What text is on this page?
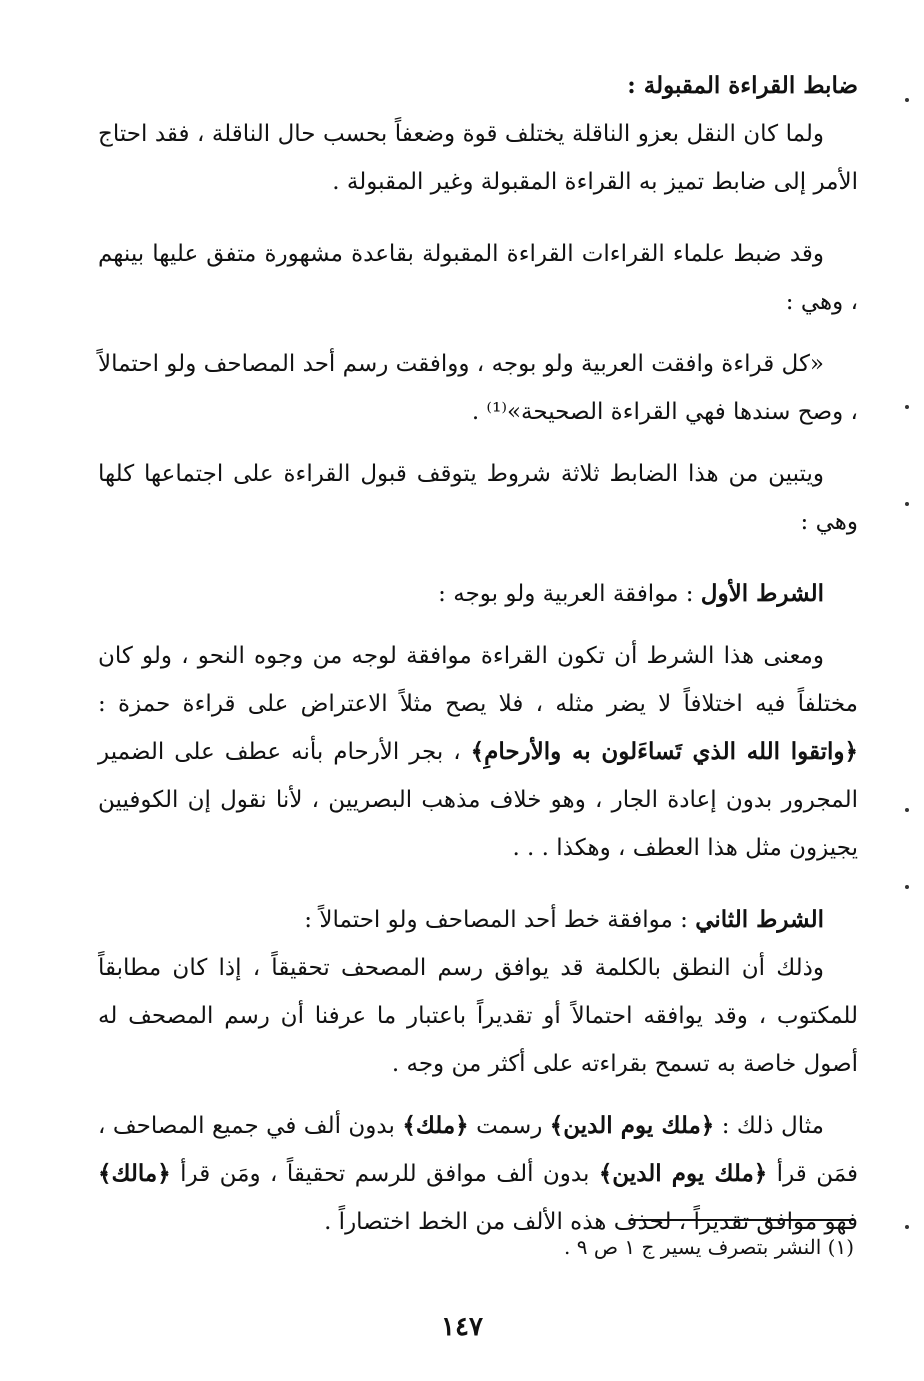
ضابط القراءة المقبولة :

ولما كان النقل بعزو الناقلة يختلف قوة وضعفاً بحسب حال الناقلة ، فقد احتاج الأمر إلى ضابط تميز به القراءة المقبولة وغير المقبولة .

وقد ضبط علماء القراءات القراءة المقبولة بقاعدة مشهورة متفق عليها بينهم ، وهي :

«كل قراءة وافقت العربية ولو بوجه ، ووافقت رسم أحد المصاحف ولو احتمالاً ، وصح سندها فهي القراءة الصحيحة»⁽¹⁾ .

ويتبين من هذا الضابط ثلاثة شروط يتوقف قبول القراءة على اجتماعها كلها وهي :

الشرط الأول : موافقة العربية ولو بوجه :

ومعنى هذا الشرط أن تكون القراءة موافقة لوجه من وجوه النحو ، ولو كان مختلفاً فيه اختلافاً لا يضر مثله ، فلا يصح مثلاً الاعتراض على قراءة حمزة : ﴿واتقوا الله الذي تَساءَلون به والأرحامِ﴾ ، بجر الأرحام بأنه عطف على الضمير المجرور بدون إعادة الجار ، وهو خلاف مذهب البصريين ، لأنا نقول إن الكوفيين يجيزون مثل هذا العطف ، وهكذا . . .

الشرط الثاني : موافقة خط أحد المصاحف ولو احتمالاً :

وذلك أن النطق بالكلمة قد يوافق رسم المصحف تحقيقاً ، إذا كان مطابقاً للمكتوب ، وقد يوافقه احتمالاً أو تقديراً باعتبار ما عرفنا أن رسم المصحف له أصول خاصة به تسمح بقراءته على أكثر من وجه .

مثال ذلك : ﴿ملك يوم الدين﴾ رسمت ﴿ملك﴾ بدون ألف في جميع المصاحف ، فمَن قرأ ﴿ملك يوم الدين﴾ بدون ألف موافق للرسم تحقيقاً ، ومَن قرأ ﴿مالك﴾ فهو موافق تقديراً ، لحذف هذه الألف من الخط اختصاراً .

(١) النشر بتصرف يسير ج ١ ص ٩ .
١٤٧
